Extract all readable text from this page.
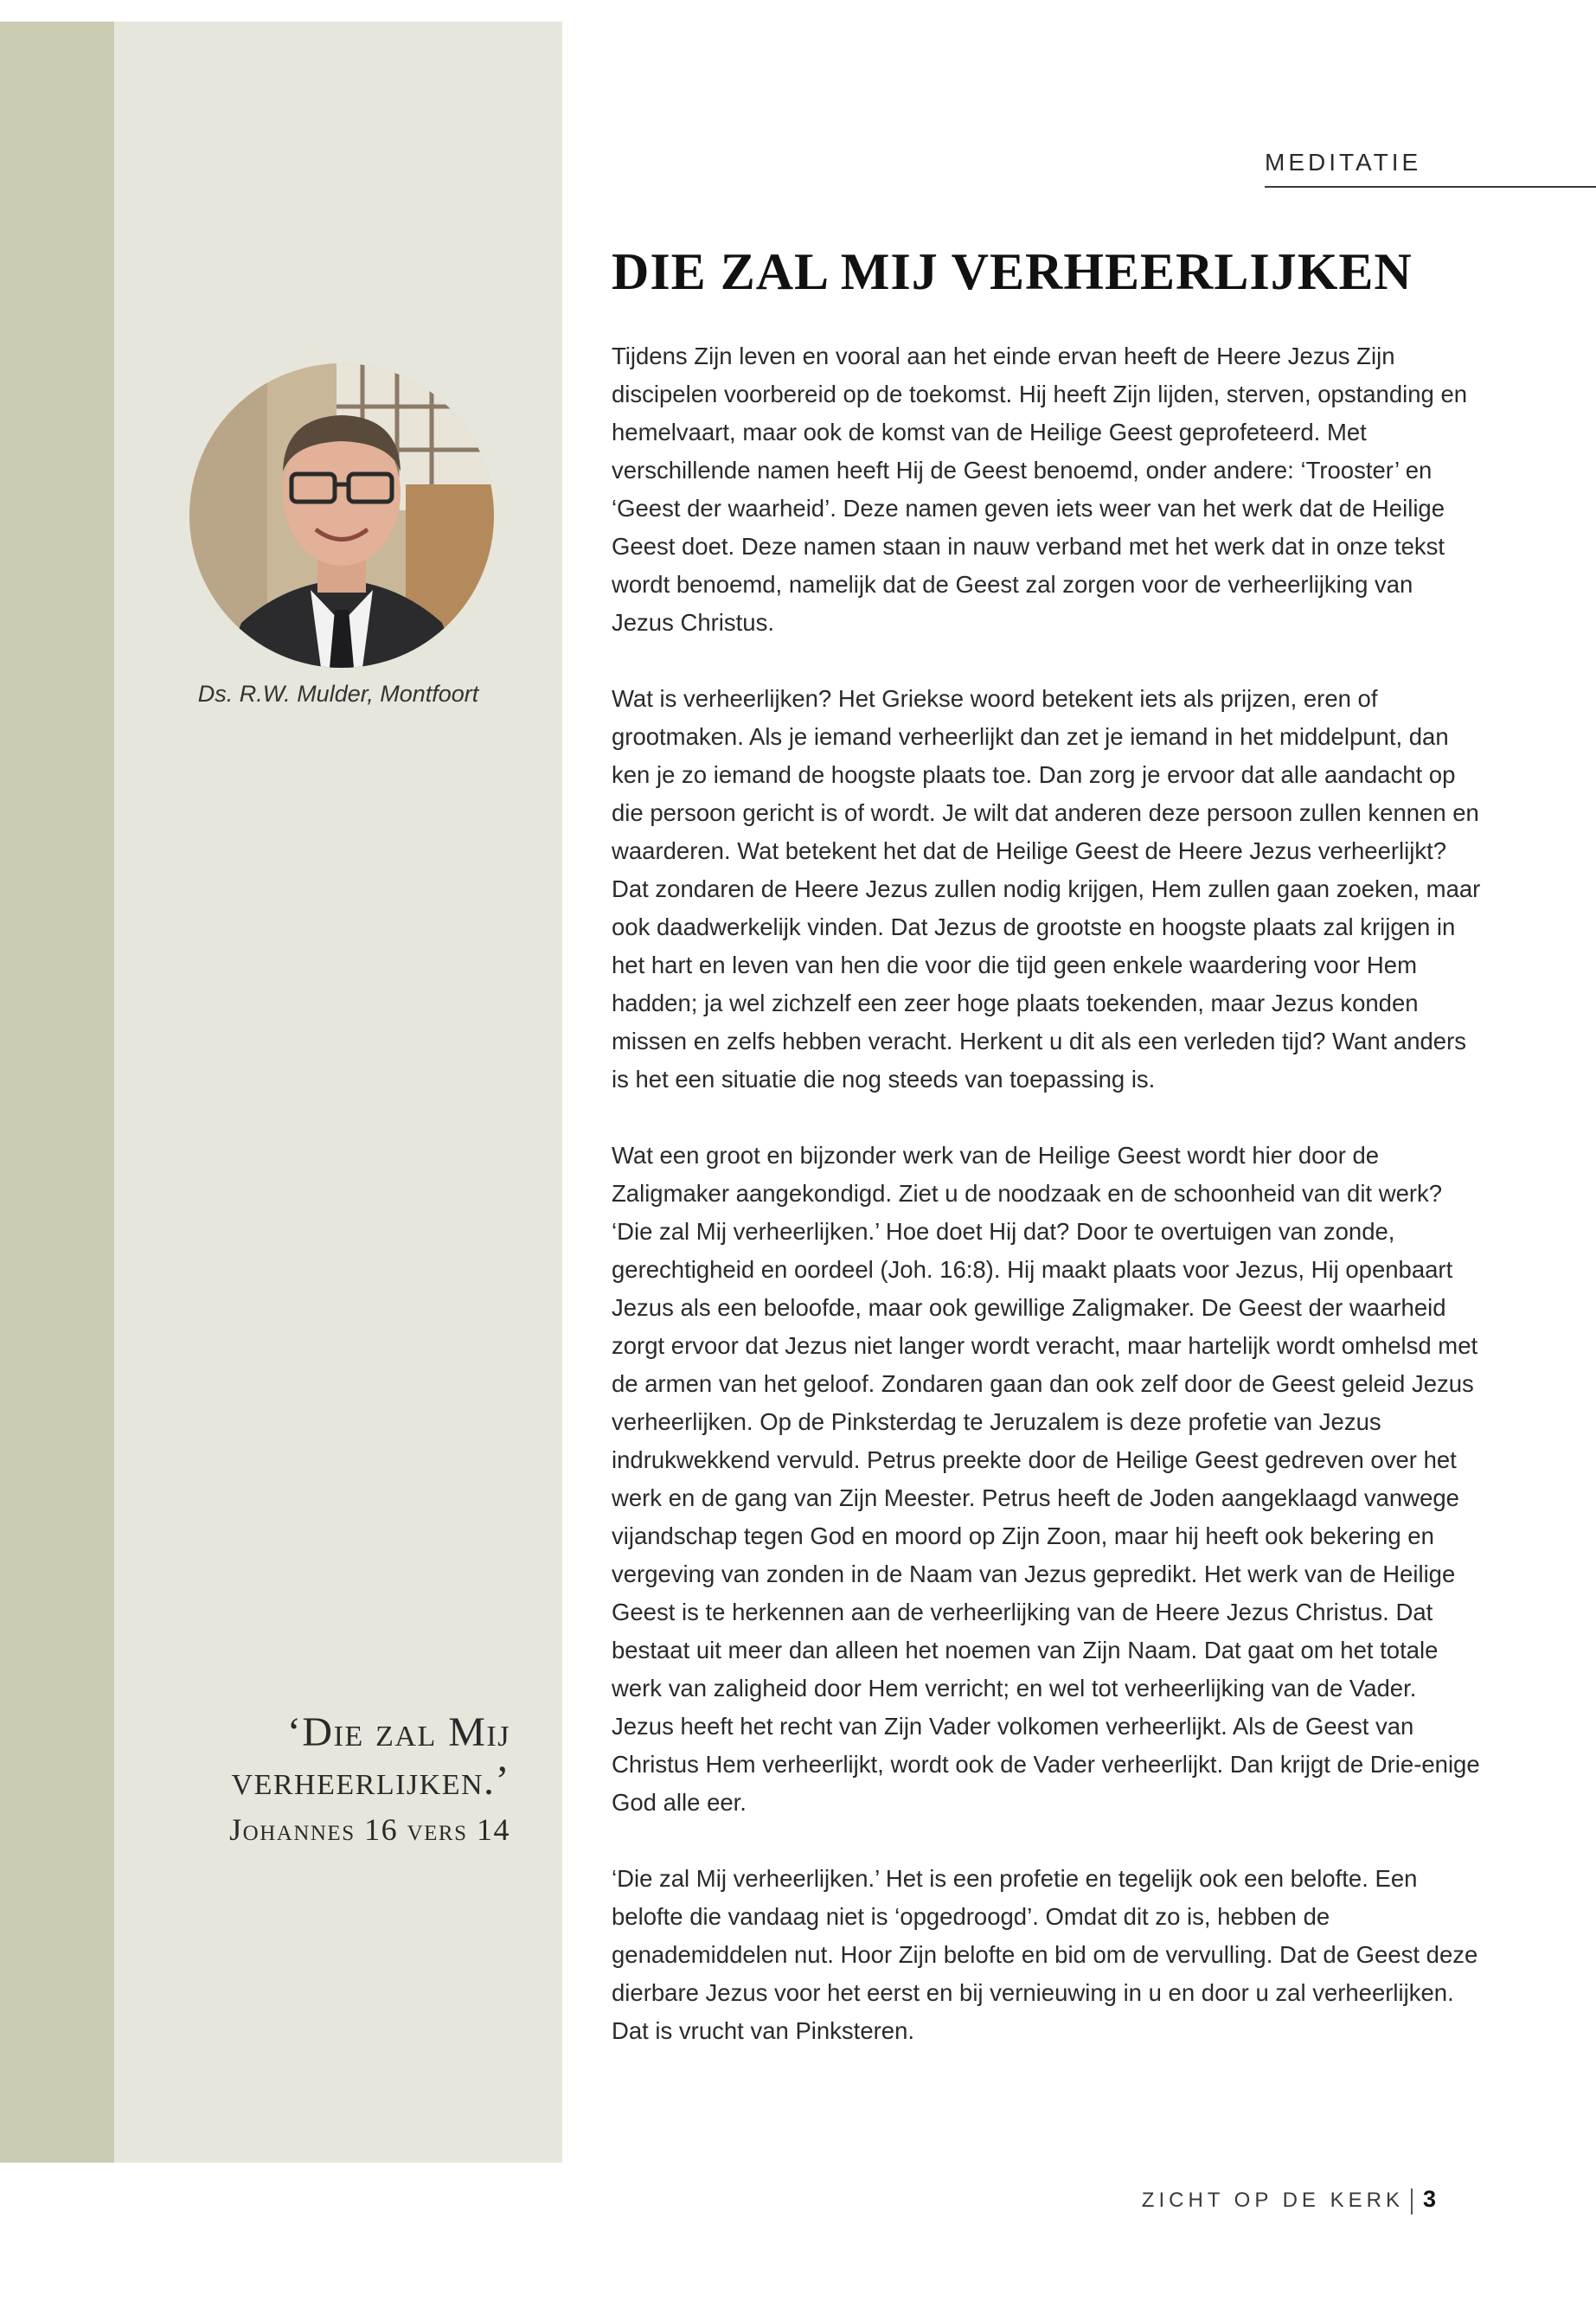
MEDITATIE
DIE ZAL MIJ VERHEERLIJKEN
Ds. R.W. Mulder, Montfoort
‘Die zal Mij
verheerlijken.’
Johannes 16 vers 14

Tijdens Zijn leven en vooral aan het einde ervan heeft de Heere Jezus Zijn discipelen voorbereid op de toekomst. Hij heeft Zijn lijden, sterven, opstanding en hemelvaart, maar ook de komst van de Heilige Geest geprofeteerd. Met verschillende namen heeft Hij de Geest benoemd, onder andere: ‘Trooster’ en ‘Geest der waarheid’. Deze namen geven iets weer van het werk dat de Heilige Geest doet. Deze namen staan in nauw verband met het werk dat in onze tekst wordt benoemd, namelijk dat de Geest zal zorgen voor de verheerlijking van Jezus Christus.

Wat is verheerlijken? Het Griekse woord betekent iets als prijzen, eren of grootmaken. Als je iemand verheerlijkt dan zet je iemand in het middelpunt, dan ken je zo iemand de hoogste plaats toe. Dan zorg je ervoor dat alle aandacht op die persoon gericht is of wordt. Je wilt dat anderen deze persoon zullen kennen en waarderen. Wat betekent het dat de Heilige Geest de Heere Jezus verheerlijkt? Dat zondaren de Heere Jezus zullen nodig krijgen, Hem zullen gaan zoeken, maar ook daadwerkelijk vinden. Dat Jezus de grootste en hoogste plaats zal krijgen in het hart en leven van hen die voor die tijd geen enkele waardering voor Hem hadden; ja wel zichzelf een zeer hoge plaats toekenden, maar Jezus konden missen en zelfs hebben veracht. Herkent u dit als een verleden tijd? Want anders is het een situatie die nog steeds van toepassing is.

Wat een groot en bijzonder werk van de Heilige Geest wordt hier door de Zaligmaker aangekondigd. Ziet u de noodzaak en de schoonheid van dit werk? ‘Die zal Mij verheerlijken.’ Hoe doet Hij dat? Door te overtuigen van zonde, gerechtigheid en oordeel (Joh. 16:8). Hij maakt plaats voor Jezus, Hij openbaart Jezus als een beloofde, maar ook gewillige Zaligmaker. De Geest der waarheid zorgt ervoor dat Jezus niet langer wordt veracht, maar hartelijk wordt omhelsd met de armen van het geloof. Zondaren gaan dan ook zelf door de Geest geleid Jezus verheerlijken. Op de Pinksterdag te Jeruzalem is deze profetie van Jezus indrukwekkend vervuld. Petrus preekte door de Heilige Geest gedreven over het werk en de gang van Zijn Meester. Petrus heeft de Joden aangeklaagd vanwege vijandschap tegen God en moord op Zijn Zoon, maar hij heeft ook bekering en vergeving van zonden in de Naam van Jezus gepredikt. Het werk van de Heilige Geest is te herkennen aan de verheerlijking van de Heere Jezus Christus. Dat bestaat uit meer dan alleen het noemen van Zijn Naam. Dat gaat om het totale werk van zaligheid door Hem verricht; en wel tot verheerlijking van de Vader. Jezus heeft het recht van Zijn Vader volkomen verheerlijkt. Als de Geest van Christus Hem verheerlijkt, wordt ook de Vader verheerlijkt. Dan krijgt de Drie-enige God alle eer.

‘Die zal Mij verheerlijken.’ Het is een profetie en tegelijk ook een belofte. Een belofte die vandaag niet is ‘opgedroogd’. Omdat dit zo is, hebben de genademiddelen nut. Hoor Zijn belofte en bid om de vervulling. Dat de Geest deze dierbare Jezus voor het eerst en bij vernieuwing in u en door u zal verheerlijken. Dat is vrucht van Pinksteren.

ZICHT OP DE KERK 3
